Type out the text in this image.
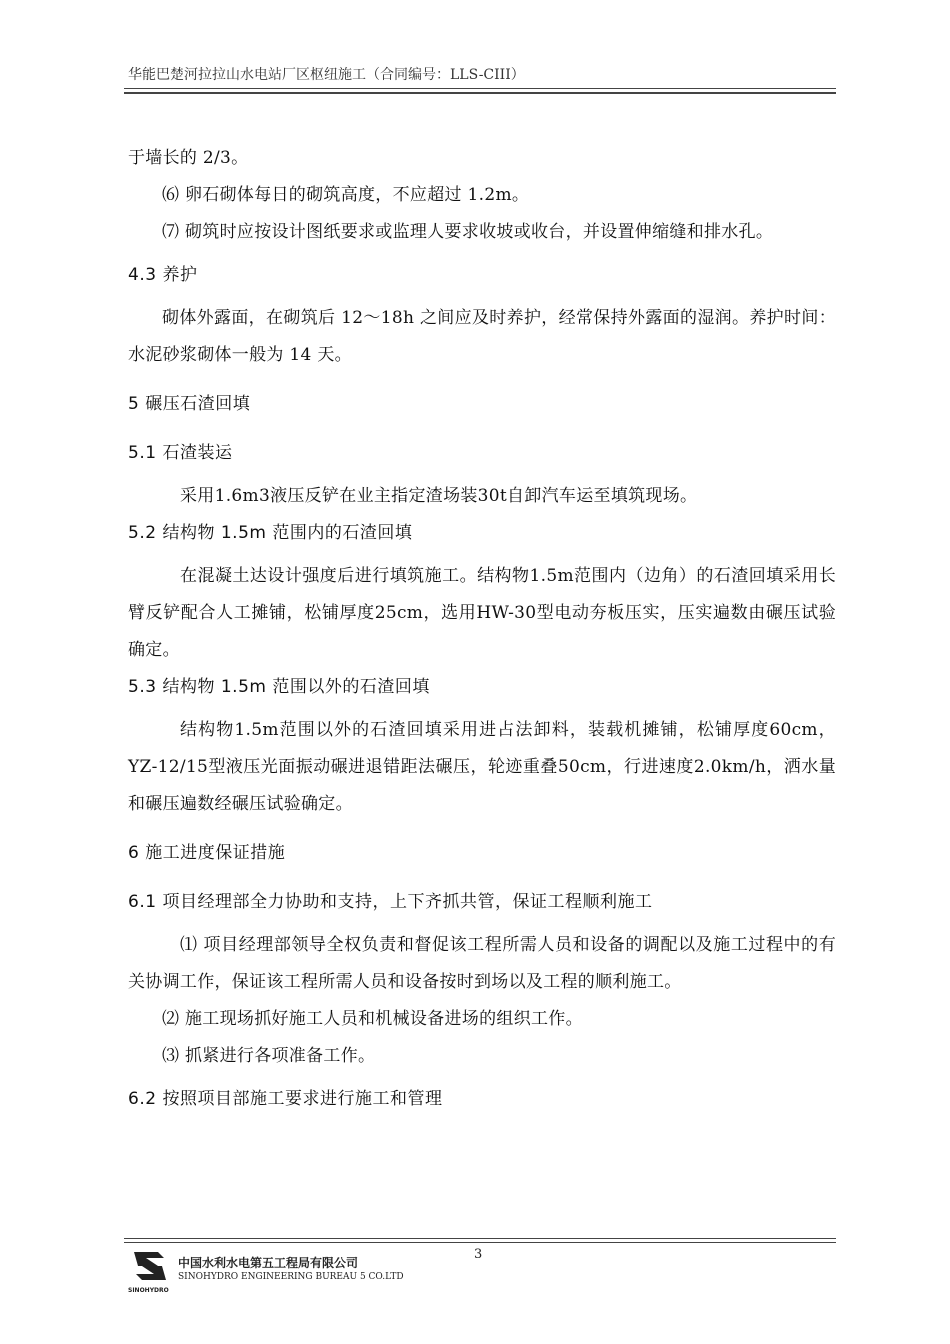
华能巴楚河拉拉山水电站厂区枢纽施工（合同编号：LLS-CIII）

于墙长的 2/3。

⑹ 卵石砌体每日的砌筑高度，不应超过 1.2m。

⑺ 砌筑时应按设计图纸要求或监理人要求收坡或收台，并设置伸缩缝和排水孔。

4.3 养护

砌体外露面，在砌筑后 12～18h 之间应及时养护，经常保持外露面的湿润。养护时间：水泥砂浆砌体一般为 14 天。

5 碾压石渣回填

5.1 石渣装运

采用1.6m3液压反铲在业主指定渣场装30t自卸汽车运至填筑现场。

5.2 结构物 1.5m 范围内的石渣回填

在混凝土达设计强度后进行填筑施工。结构物1.5m范围内（边角）的石渣回填采用长臂反铲配合人工摊铺，松铺厚度25cm，选用HW-30型电动夯板压实，压实遍数由碾压试验确定。

5.3 结构物 1.5m 范围以外的石渣回填

结构物1.5m范围以外的石渣回填采用进占法卸料，装载机摊铺，松铺厚度60cm，YZ-12/15型液压光面振动碾进退错距法碾压，轮迹重叠50cm，行进速度2.0km/h，洒水量和碾压遍数经碾压试验确定。

6 施工进度保证措施

6.1 项目经理部全力协助和支持，上下齐抓共管，保证工程顺利施工

⑴ 项目经理部领导全权负责和督促该工程所需人员和设备的调配以及施工过程中的有关协调工作，保证该工程所需人员和设备按时到场以及工程的顺利施工。

⑵ 施工现场抓好施工人员和机械设备进场的组织工作。

⑶ 抓紧进行各项准备工作。

6.2 按照项目部施工要求进行施工和管理

SINOHYDRO
中国水利水电第五工程局有限公司
SINOHYDRO ENGINEERING BUREAU 5 CO.LTD
3
